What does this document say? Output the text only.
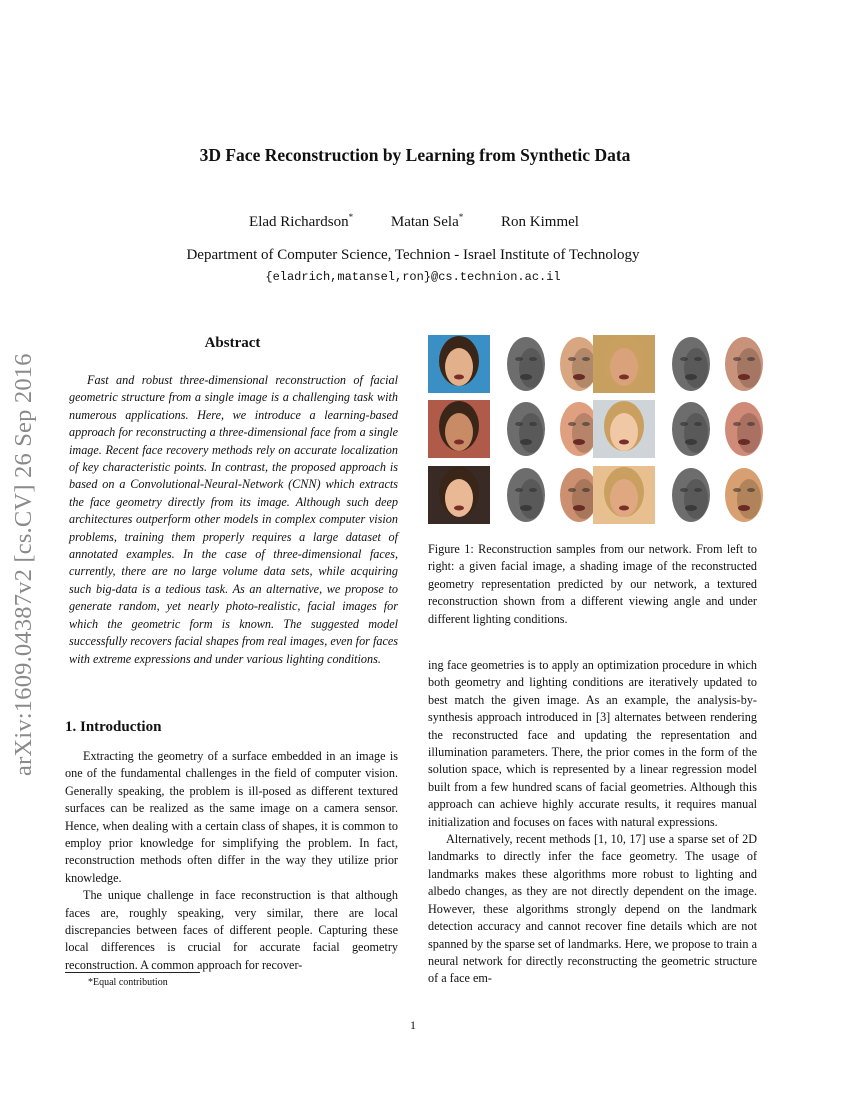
arXiv:1609.04387v2 [cs.CV] 26 Sep 2016
3D Face Reconstruction by Learning from Synthetic Data
Elad Richardson*	Matan Sela*	Ron Kimmel
Department of Computer Science, Technion - Israel Institute of Technology
{eladrich,matansel,ron}@cs.technion.ac.il
Abstract

Fast and robust three-dimensional reconstruction of facial geometric structure from a single image is a challenging task with numerous applications. Here, we introduce a learning-based approach for reconstructing a three-dimensional face from a single image. Recent face recovery methods rely on accurate localization of key characteristic points. In contrast, the proposed approach is based on a Convolutional-Neural-Network (CNN) which extracts the face geometry directly from its image. Although such deep architectures outperform other models in complex computer vision problems, training them properly requires a large dataset of annotated examples. In the case of three-dimensional faces, currently, there are no large volume data sets, while acquiring such big-data is a tedious task. As an alternative, we propose to generate random, yet nearly photo-realistic, facial images for which the geometric form is known. The suggested model successfully recovers facial shapes from real images, even for faces with extreme expressions and under various lighting conditions.

1. Introduction

Extracting the geometry of a surface embedded in an image is one of the fundamental challenges in the field of computer vision. Generally speaking, the problem is ill-posed as different textured surfaces can be realized as the same image on a camera sensor. Hence, when dealing with a certain class of shapes, it is common to employ prior knowledge for simplifying the problem. In fact, reconstruction methods often differ in the way they utilize prior knowledge.

The unique challenge in face reconstruction is that although faces are, roughly speaking, very similar, there are local discrepancies between faces of different people. Capturing these local differences is crucial for accurate facial geometry reconstruction. A common approach for recover-

*Equal contribution
Figure 1: Reconstruction samples from our network. From left to right: a given facial image, a shading image of the reconstructed geometry representation predicted by our network, a textured reconstruction shown from a different viewing angle and under different lighting conditions.

ing face geometries is to apply an optimization procedure in which both geometry and lighting conditions are iteratively updated to best match the given image. As an example, the analysis-by-synthesis approach introduced in [3] alternates between rendering the reconstructed face and updating the representation and illumination parameters. There, the prior comes in the form of the solution space, which is represented by a linear regression model built from a few hundred scans of facial geometries. Although this approach can achieve highly accurate results, it requires manual initialization and focuses on faces with natural expressions.

Alternatively, recent methods [1, 10, 17] use a sparse set of 2D landmarks to directly infer the face geometry. The usage of landmarks makes these algorithms more robust to lighting and albedo changes, as they are not directly dependent on the image. However, these algorithms strongly depend on the landmark detection accuracy and cannot recover fine details which are not spanned by the sparse set of landmarks. Here, we propose to train a neural network for directly reconstructing the geometric structure of a face em-

1
